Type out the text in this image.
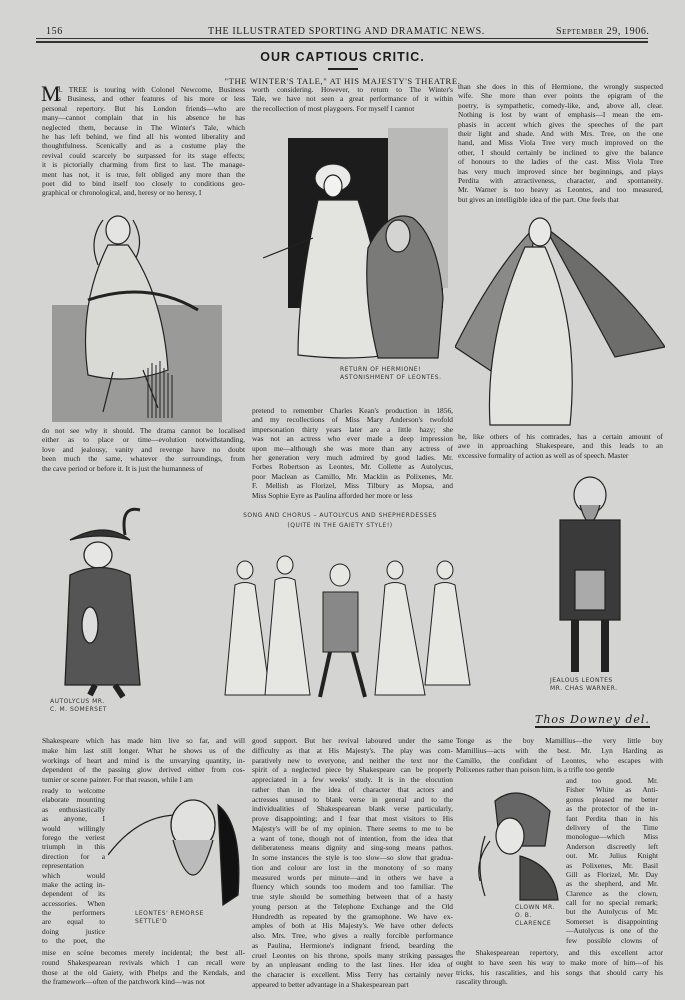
156	THE ILLUSTRATED SPORTING AND DRAMATIC NEWS.	September 29, 1906.
OUR CAPTIOUS CRITIC.
"THE WINTER'S TALE," AT HIS MAJESTY'S THEATRE.
M
R. TREE is touring with Colonel Newcome, Business
is Business, and other features of his more or less
personal repertory. But his London friends—who are
many—cannot complain that in his absence he has
neglected them, because in The Winter's Tale, which
he has left behind, we find all his wonted liberality and
thoughtfulness. Scenically and as a costume play the
revival could scarcely be surpassed for its stage effects;
it is pictorially charming from first to last. The manage-
ment has not, it is true, felt obliged any more than the
poet did to bind itself too closely to conditions geo-
graphical or chronological, and, heresy or no heresy, I
worth considering. However, to return to The Winter's
Tale, we have not seen a great performance of it within
the recollection of most playgoers. For myself I cannot
than she does in this of Hermione, the wrongly suspected
wife. She more than ever points the epigram of the
poetry, is sympathetic, comedy-like, and, above all, clear.
Nothing is lost by want of emphasis—I mean the em-
phasis in accent which gives the speeches of the part
their light and shade. And with Mrs. Tree, on the one
hand, and Miss Viola Tree very much improved on the
other, I should certainly be inclined to give the balance
of honours to the ladies of the cast. Miss Viola Tree
has very much improved since her beginnings, and plays
Perdita with attractiveness, character, and spontaneity.
Mr. Warner is too heavy as Leontes, and too measured,
but gives an intelligible idea of the part. One feels that
do not see why it should. The drama cannot be localised
either as to place or time—evolution notwithstanding,
love and jealousy, vanity and revenge have no doubt
been much the same, whatever the surroundings, from
the cave period or before it. It is just the humanness of
pretend to remember Charles Kean's production in 1856,
and my recollections of Miss Mary Anderson's twofold
impersonation thirty years later are a little hazy; she
was not an actress who ever made a deep impression
upon me—although she was more than any actress of
her generation very much admired by good ladies. Mr.
Forbes Robertson as Leontes, Mr. Collette as Autolycus,
poor Maclean as Camillo, Mr. Macklin as Polixenes, Mr.
F. Mellish as Florizel, Miss Tilbury as Mopsa, and
Miss Sophie Eyre as Paulina afforded her more or less
he, like others of his comrades, has a certain amount of
awe in approaching Shakespeare, and this leads to an
excessive formality of action as well as of speech. Master
Shakespeare which has made him live so far, and will
make him last still longer. What he shows us of the
workings of heart and mind is the unvarying quantity, in-
dependent of the passing glow derived either from cos-
tumier or scene painter. For that reason, while I am
ready to welcome
elaborate mounting
as enthusiastically
as anyone, I
would willingly
forego the veriest
triumph in this
direction for a
representation
which would
make the acting in-
dependent of its
accessories. When
the performers
are equal to
doing justice
to the poet, the
mise en scène becomes merely incidental; the best all-
round Shakespearean revivals which I can recall were
those at the old Gaiety, with Phelps and the Kendals, and
the framework—often of the patchwork kind—was not
good support. But her revival laboured under the same
difficulty as that at His Majesty's. The play was com-
paratively new to everyone, and neither the text nor the
spirit of a neglected piece by Shakespeare can be properly
appreciated in a few weeks' study. It is in the elocution
rather than in the idea of character that actors and
actresses unused to blank verse in general and to the
individualities of Shakespearean blank verse particularly,
prove disappointing; and I fear that most visitors to His
Majesty's will be of my opinion. There seems to me to be
a want of tone, though not of intention, from the idea that
deliberateness means dignity and sing-song means pathos.
In some instances the style is too slow—so slow that gradua-
tion and colour are lost in the monotony of so many
measured words per minute—and in others we have a
fluency which sounds too modern and too familiar. The
true style should be something between that of a hasty
young person at the Telephone Exchange and the Old
Hundredth as repeated by the gramophone. We have ex-
amples of both at His Majesty's. We have other defects
also. Mrs. Tree, who gives a really forcible performance
as Paulina, Hermione's indignant friend, bearding the
cruel Leontes on his throne, spoils many striking passages
by an unpleasant ending to the last lines. Her idea of
the character is excellent. Miss Terry has certainly never
appeared to better advantage in a Shakespearean part
Tonge as the boy Mamillius—the very little boy
Mamillius—acts with the best. Mr. Lyn Harding as
Camillo, the confidant of Leontes, who escapes with
Polixenes rather than poison him, is a trifle too gentle
and too good. Mr.
Fisher White as Anti-
gonus pleased me better
as the protector of the in-
fant Perdita than in his
delivery of the Time
monologue—which Miss
Anderson discreetly left
out. Mr. Julius Knight
as Polixenes, Mr. Basil
Gill as Florizel, Mr. Day
as the shepherd, and Mr.
Clarence as the clown,
call for no special remark;
but the Autolycus of Mr.
Somerset is disappointing
—Autolycus is one of the
few possible clowns of
the Shakespearean repertory, and this excellent actor
ought to have seen his way to make more of him—of his
tricks, his rascalities, and his songs that should carry his
rascality through.
RETURN OF HERMIONE! ASTONISHMENT OF LEONTES.
SONG AND CHORUS – AUTOLYCUS AND SHEPHERDESSES
(QUITE IN THE GAIETY STYLE!)
AUTOLYCUS MR. C. M. SOMERSET
JEALOUS LEONTES MR. CHAS WARNER.
Thos Downey del.
LEONTES' REMORSE SETTLE'D
CLOWN MR. O. B. CLARENCE
